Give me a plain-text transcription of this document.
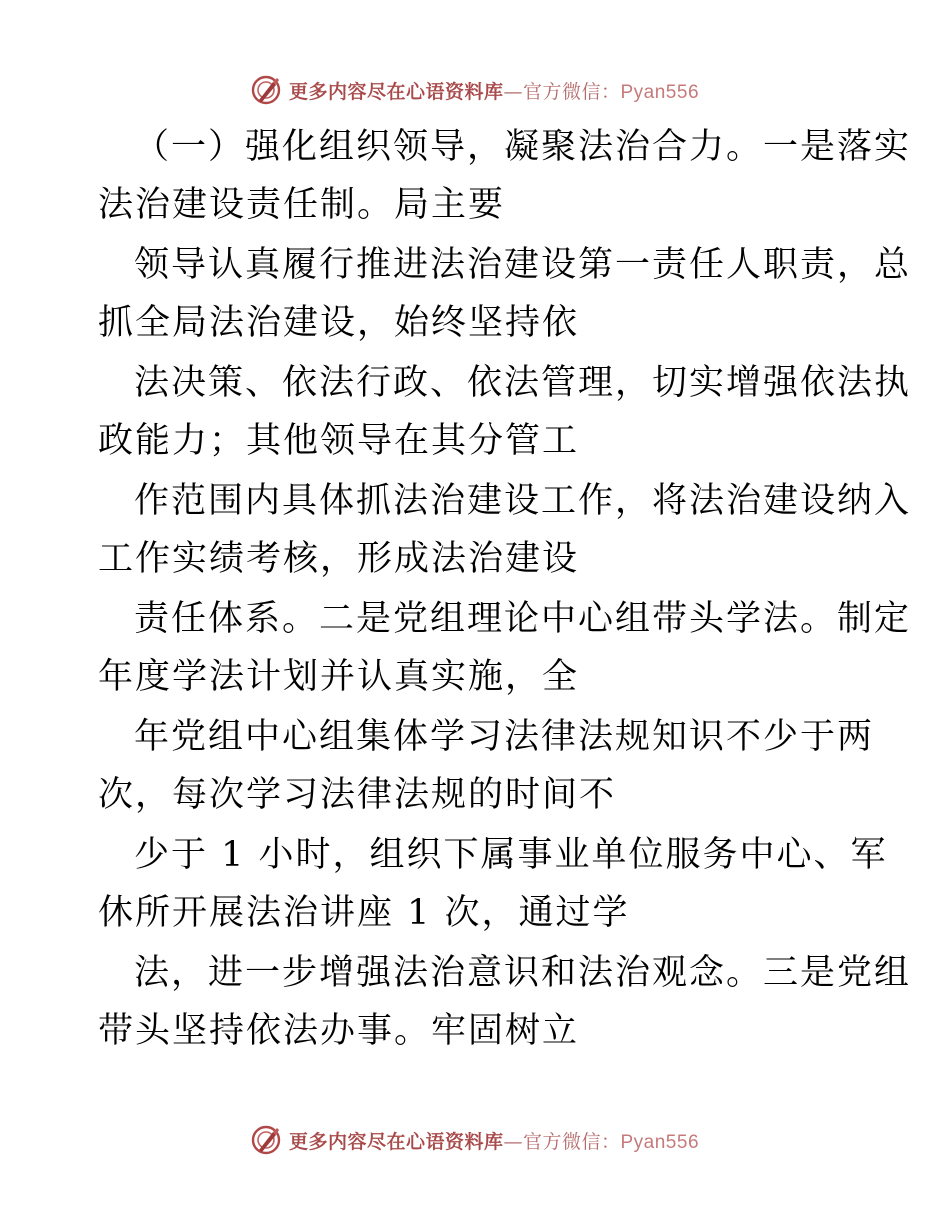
更多内容尽在心语资料库—官方微信：Pyan556
（一）强化组织领导，凝聚法治合力。一是落实
法治建设责任制。局主要
领导认真履行推进法治建设第一责任人职责，总
抓全局法治建设，始终坚持依
法决策、依法行政、依法管理，切实增强依法执
政能力；其他领导在其分管工
作范围内具体抓法治建设工作，将法治建设纳入
工作实绩考核，形成法治建设
责任体系。二是党组理论中心组带头学法。制定
年度学法计划并认真实施，全
年党组中心组集体学习法律法规知识不少于两
次，每次学习法律法规的时间不
少于 1 小时，组织下属事业单位服务中心、军
休所开展法治讲座 1 次，通过学
法，进一步增强法治意识和法治观念。三是党组
带头坚持依法办事。牢固树立
更多内容尽在心语资料库—官方微信：Pyan556
